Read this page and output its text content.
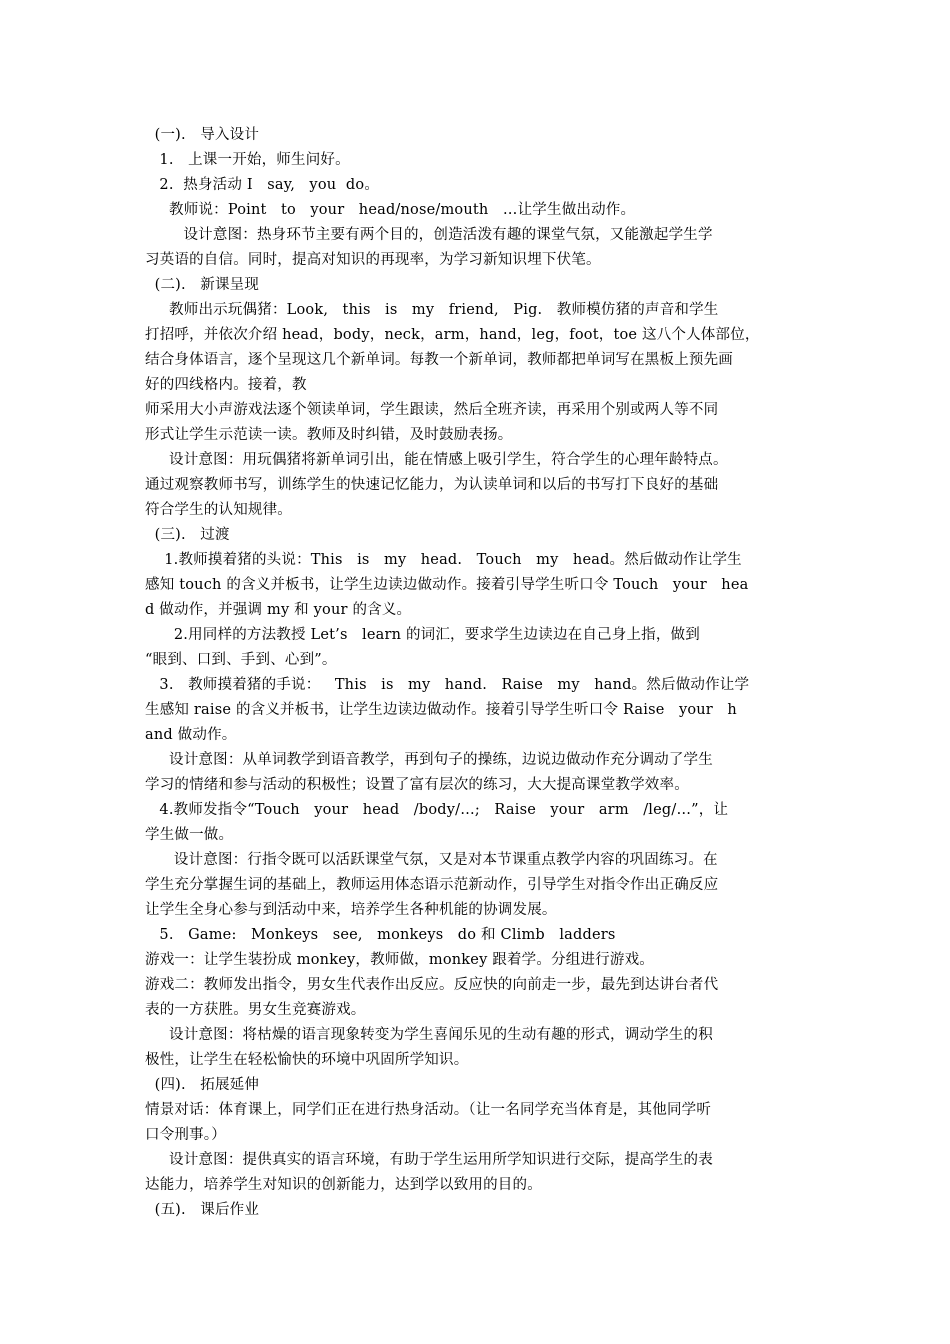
(一).   导入设计
1.   上课一开始，师生问好。
2.  热身活动 I   say,   you  do。
教师说：Point   to   your   head/nose/mouth   …让学生做出动作。
设计意图：热身环节主要有两个目的，创造活泼有趣的课堂气氛，又能激起学生学
习英语的自信。同时，提高对知识的再现率，为学习新知识埋下伏笔。
(二).   新课呈现
教师出示玩偶猪：Look,   this   is   my   friend,   Pig.   教师模仿猪的声音和学生
打招呼，并依次介绍 head，body，neck，arm，hand，leg，foot，toe 这八个人体部位，
结合身体语言，逐个呈现这几个新单词。每教一个新单词，教师都把单词写在黑板上预先画
好的四线格内。接着，教
师采用大小声游戏法逐个领读单词，学生跟读，然后全班齐读，再采用个别或两人等不同
形式让学生示范读一读。教师及时纠错，及时鼓励表扬。
设计意图：用玩偶猪将新单词引出，能在情感上吸引学生，符合学生的心理年龄特点。
通过观察教师书写，训练学生的快速记忆能力，为认读单词和以后的书写打下良好的基础
符合学生的认知规律。
(三).   过渡
1.教师摸着猪的头说：This   is   my   head.   Touch   my   head。然后做动作让学生
感知 touch 的含义并板书，让学生边读边做动作。接着引导学生听口令 Touch   your   hea
d 做动作，并强调 my 和 your 的含义。
2.用同样的方法教授 Let’s   learn 的词汇，要求学生边读边在自己身上指，做到
“眼到、口到、手到、心到”。
3.   教师摸着猪的手说：   This   is   my   hand.   Raise   my   hand。然后做动作让学
生感知 raise 的含义并板书，让学生边读边做动作。接着引导学生听口令 Raise   your   h
and 做动作。
设计意图：从单词教学到语音教学，再到句子的操练，边说边做动作充分调动了学生
学习的情绪和参与活动的积极性；设置了富有层次的练习，大大提高课堂教学效率。
4.教师发指令“Touch   your   head   /body/…;   Raise   your   arm   /leg/…”，让
学生做一做。
设计意图：行指令既可以活跃课堂气氛，又是对本节课重点教学内容的巩固练习。在
学生充分掌握生词的基础上，教师运用体态语示范新动作，引导学生对指令作出正确反应
让学生全身心参与到活动中来，培养学生各种机能的协调发展。
5.   Game:   Monkeys   see,   monkeys   do 和 Climb   ladders
游戏一：让学生装扮成 monkey，教师做，monkey 跟着学。分组进行游戏。
游戏二：教师发出指令，男女生代表作出反应。反应快的向前走一步，最先到达讲台者代
表的一方获胜。男女生竞赛游戏。
设计意图：将枯燥的语言现象转变为学生喜闻乐见的生动有趣的形式，调动学生的积
极性，让学生在轻松愉快的环境中巩固所学知识。
(四).   拓展延伸
情景对话：体育课上，同学们正在进行热身活动。（让一名同学充当体育是，其他同学听
口令刑事。）
设计意图：提供真实的语言环境，有助于学生运用所学知识进行交际，提高学生的表
达能力，培养学生对知识的创新能力，达到学以致用的目的。
(五).   课后作业
